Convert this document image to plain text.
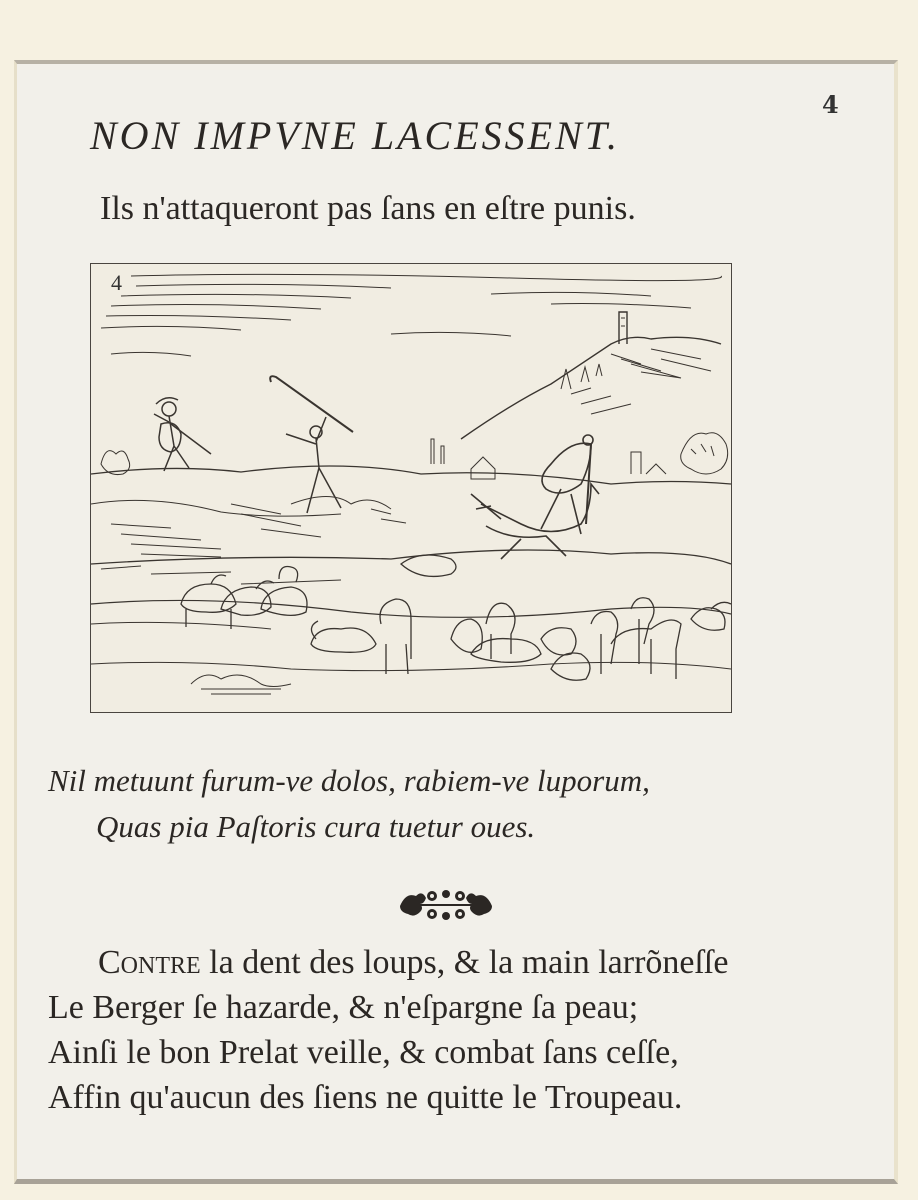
4
NON IMPVNE LACESSENT.
Ils n'attaqueront pas ſans en eſtre punis.
4
Nil metuunt furum-ve dolos, rabiem-ve luporum,
Quas pia Paſtoris cura tuetur oues.
Contre la dent des loups, & la main larrõneſſe
Le Berger ſe hazarde, & n'eſpargne ſa peau;
Ainſi le bon Prelat veille, & combat ſans ceſſe,
Affin qu'aucun des ſiens ne quitte le Troupeau.
